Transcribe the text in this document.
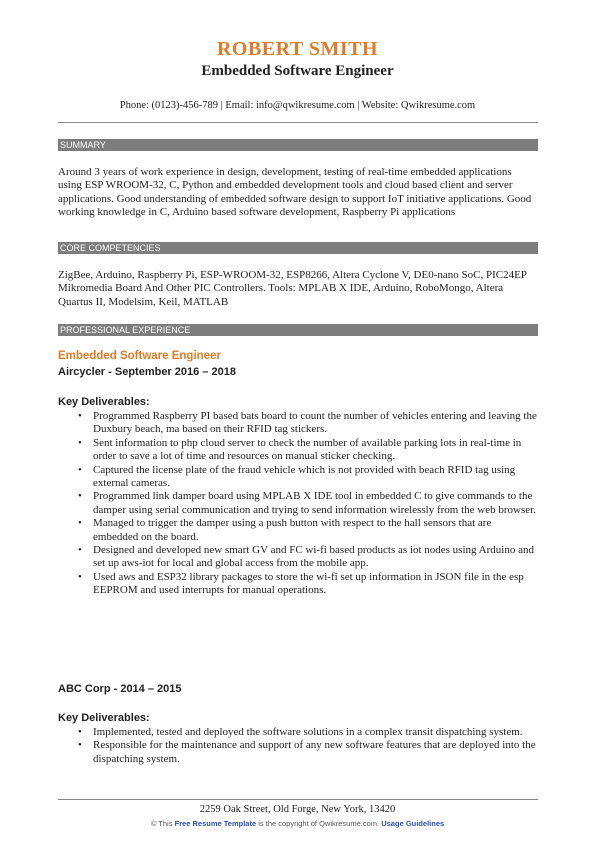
ROBERT SMITH
Embedded Software Engineer
Phone: (0123)-456-789 | Email: info@qwikresume.com | Website: Qwikresume.com
SUMMARY
Around 3 years of work experience in design, development, testing of real-time embedded applications using ESP WROOM-32, C, Python and embedded development tools and cloud based client and server applications. Good understanding of embedded software design to support IoT initiative applications. Good working knowledge in C, Arduino based software development, Raspberry Pi applications
CORE COMPETENCIES
ZigBee, Arduino, Raspberry Pi, ESP-WROOM-32, ESP8266, Altera Cyclone V, DE0-nano SoC, PIC24EP Mikromedia Board And Other PIC Controllers. Tools: MPLAB X IDE, Arduino, RoboMongo, Altera Quartus II, Modelsim, Keil, MATLAB
PROFESSIONAL EXPERIENCE
Embedded Software Engineer
Aircycler - September 2016 – 2018
Key Deliverables:
• Programmed Raspberry PI based bats board to count the number of vehicles entering and leaving the Duxbury beach, ma based on their RFID tag stickers.
• Sent information to php cloud server to check the number of available parking lots in real-time in order to save a lot of time and resources on manual sticker checking.
• Captured the license plate of the fraud vehicle which is not provided with beach RFID tag using external cameras.
• Programmed link damper board using MPLAB X IDE tool in embedded C to give commands to the damper using serial communication and trying to send information wirelessly from the web browser.
• Managed to trigger the damper using a push button with respect to the hall sensors that are embedded on the board.
• Designed and developed new smart GV and FC wi-fi based products as iot nodes using Arduino and set up aws-iot for local and global access from the mobile app.
• Used aws and ESP32 library packages to store the wi-fi set up information in JSON file in the esp EEPROM and used interrupts for manual operations.
ABC Corp - 2014 – 2015
Key Deliverables:
• Implemented, tested and deployed the software solutions in a complex transit dispatching system.
• Responsible for the maintenance and support of any new software features that are deployed into the dispatching system.
2259 Oak Street, Old Forge, New York, 13420
© This Free Resume Template is the copyright of Qwikresume.com. Usage Guidelines
